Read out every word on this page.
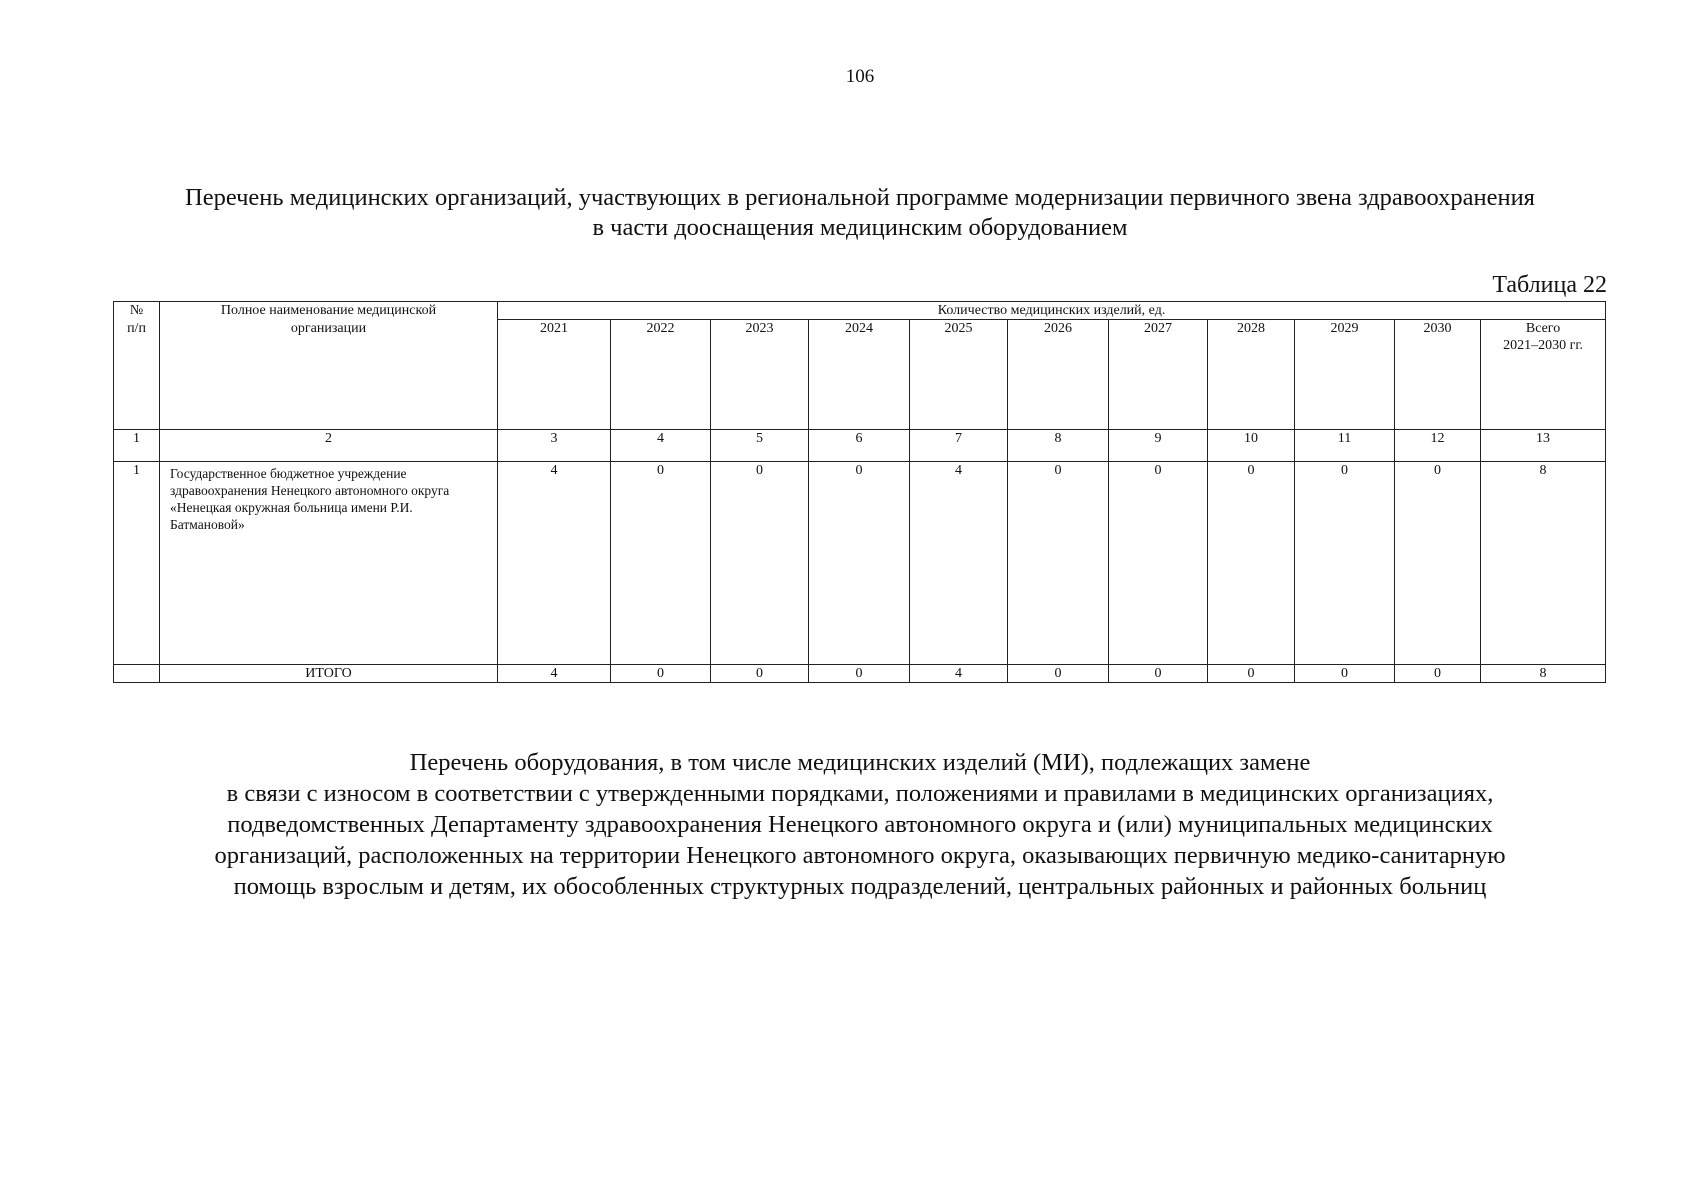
106
Перечень медицинских организаций, участвующих в региональной программе модернизации первичного звена здравоохранения
в части дооснащения медицинским оборудованием
Таблица 22
№	Полное наименование медицинской	Количество медицинских изделий, ед.										
п/п	организации	2021	2022	2023	2024	2025	2026	2027	2028	2029	2030	Всего
2021–2030 гг.
1	2	3	4	5	6	7	8	9	10	11	12	13
1	Государственное бюджетное учреждение здравоохранения Ненецкого автономного округа «Ненецкая окружная больница имени Р.И. Батмановой»	4	0	0	0	4	0	0	0	0	0	8
	ИТОГО	4	0	0	0	4	0	0	0	0	0	8
Перечень оборудования, в том числе медицинских изделий (МИ), подлежащих замене
в связи с износом в соответствии с утвержденными порядками, положениями и правилами в медицинских организациях,
подведомственных Департаменту здравоохранения Ненецкого автономного округа и (или) муниципальных медицинских
организаций, расположенных на территории Ненецкого автономного округа, оказывающих первичную медико-санитарную
помощь взрослым и детям, их обособленных структурных подразделений, центральных районных и районных больниц
